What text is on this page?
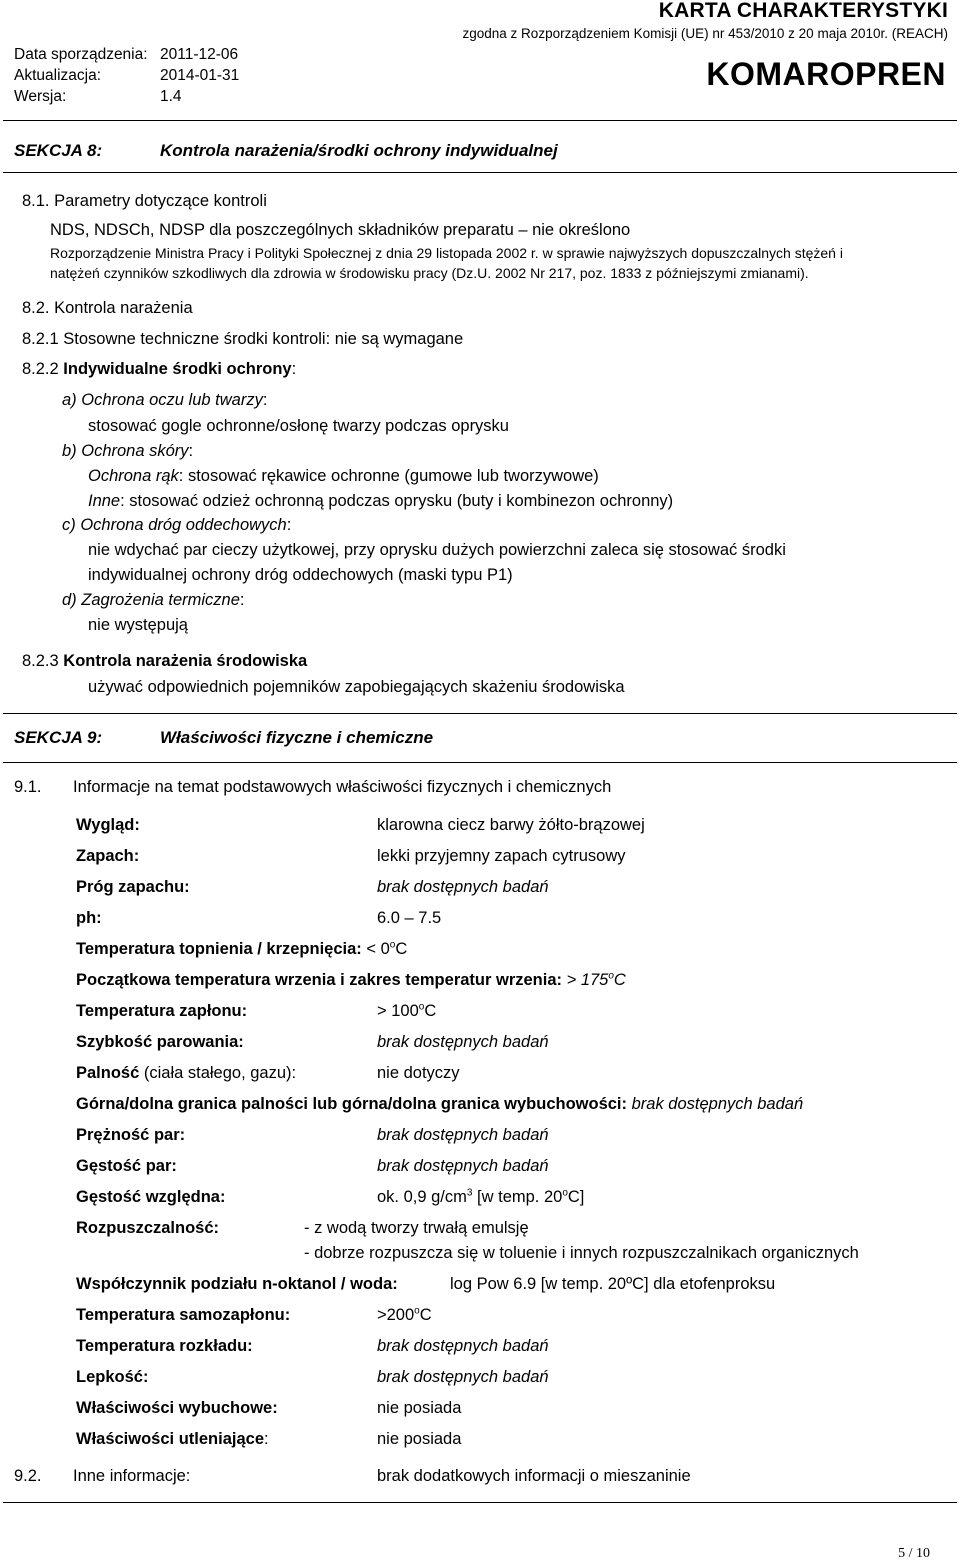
Data sporządzenia: 2011-12-06
Aktualizacja:	2014-01-31
Wersja:	1.4
KARTA CHARAKTERYSTYKI
zgodna z Rozporządzeniem Komisji (UE) nr 453/2010 z 20 maja 2010r. (REACH)
KOMAROPREN
SEKCJA 8:	Kontrola narażenia/środki ochrony indywidualnej
8.1. Parametry dotyczące kontroli
NDS, NDSCh, NDSP dla poszczególnych składników preparatu – nie określono
Rozporządzenie Ministra Pracy i Polityki Społecznej z dnia 29 listopada 2002 r. w sprawie najwyższych dopuszczalnych stężeń i
natężeń czynników szkodliwych dla zdrowia w środowisku pracy (Dz.U. 2002 Nr 217, poz. 1833 z późniejszymi zmianami).
8.2. Kontrola narażenia
8.2.1 Stosowne techniczne środki kontroli: nie są wymagane
8.2.2 Indywidualne środki ochrony:
a) Ochrona oczu lub twarzy:
stosować gogle ochronne/osłonę twarzy podczas oprysku
b) Ochrona skóry:
Ochrona rąk: stosować rękawice ochronne (gumowe lub tworzywowe)
Inne: stosować odzież ochronną podczas oprysku (buty i kombinezon ochronny)
c) Ochrona dróg oddechowych:
nie wdychać par cieczy użytkowej, przy oprysku dużych powierzchni zaleca się stosować środki
indywidualnej ochrony dróg oddechowych (maski typu P1)
d) Zagrożenia termiczne:
nie występują
8.2.3 Kontrola narażenia środowiska
używać odpowiednich pojemników zapobiegających skażeniu środowiska
SEKCJA 9:	Właściwości fizyczne i chemiczne
9.1. Informacje na temat podstawowych właściwości fizycznych i chemicznych
Wygląd:	klarowna ciecz barwy żółto-brązowej
Zapach:	lekki przyjemny zapach cytrusowy
Próg zapachu:	brak dostępnych badań
ph:	6.0 – 7.5
Temperatura topnienia / krzepnięcia: < $0^oC$
Początkowa temperatura wrzenia i zakres temperatur wrzenia: > $175^oC$
Temperatura zapłonu:	> $100^oC$
Szybkość parowania:	brak dostępnych badań
Palność (ciała stałego, gazu):	nie dotyczy
Górna/dolna granica palności lub górna/dolna granica wybuchowości: brak dostępnych badań
Prężność par:	brak dostępnych badań
Gęstość par:	brak dostępnych badań
Gęstość względna:	ok. 0,9 $g/cm^3$ [w temp. 20$^o$C]
Rozpuszczalność:	- z wodą tworzy trwałą emulsję
- dobrze rozpuszcza się w toluenie i innych rozpuszczalnikach organicznych
Współczynnik podziału n-oktanol / woda:	log Pow 6.9 [w temp. 20ºC] dla etofenproksu
Temperatura samozapłonu:	$>200^oC$
Temperatura rozkładu:	brak dostępnych badań
Lepkość:	brak dostępnych badań
Właściwości wybuchowe:	nie posiada
Właściwości utleniające:	nie posiada
9.2. Inne informacje:	brak dodatkowych informacji o mieszaninie
5 / 10
